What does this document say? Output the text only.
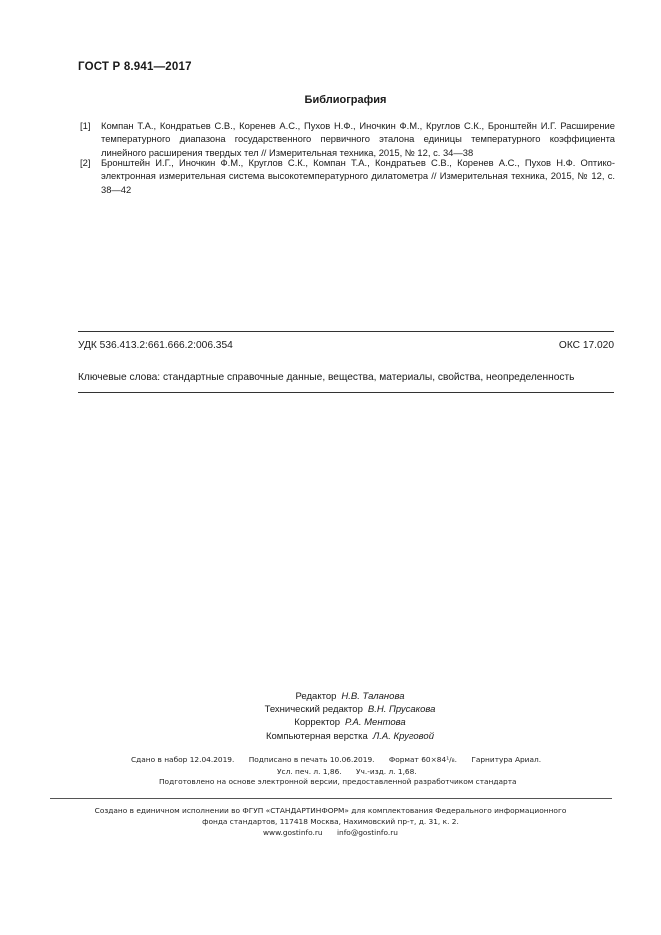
ГОСТ Р 8.941—2017
Библиография
[1] Компан Т.А., Кондратьев С.В., Коренев А.С., Пухов Н.Ф., Иночкин Ф.М., Круглов С.К., Бронштейн И.Г. Расширение температурного диапазона государственного первичного эталона единицы температурного коэффициента линейного расширения твердых тел // Измерительная техника, 2015, № 12, с. 34—38
[2] Бронштейн И.Г., Иночкин Ф.М., Круглов С.К., Компан Т.А., Кондратьев С.В., Коренев А.С., Пухов Н.Ф. Оптико-электронная измерительная система высокотемпературного дилатометра // Измерительная техника, 2015, № 12, с. 38—42
УДК 536.413.2:661.666.2:006.354	ОКС 17.020
Ключевые слова: стандартные справочные данные, вещества, материалы, свойства, неопределенность
Редактор Н.В. Таланова
Технический редактор В.Н. Прусакова
Корректор Р.А. Ментова
Компьютерная верстка Л.А. Круговой
Сдано в набор 12.04.2019. Подписано в печать 10.06.2019. Формат 60×84¹/₈. Гарнитура Ариал.
Усл. печ. л. 1,86. Уч.-изд. л. 1,68.
Подготовлено на основе электронной версии, предоставленной разработчиком стандарта
Создано в единичном исполнении во ФГУП «СТАНДАРТИНФОРМ» для комплектования Федерального информационного
фонда стандартов, 117418 Москва, Нахимовский пр-т, д. 31, к. 2.
www.gostinfo.ru info@gostinfo.ru
